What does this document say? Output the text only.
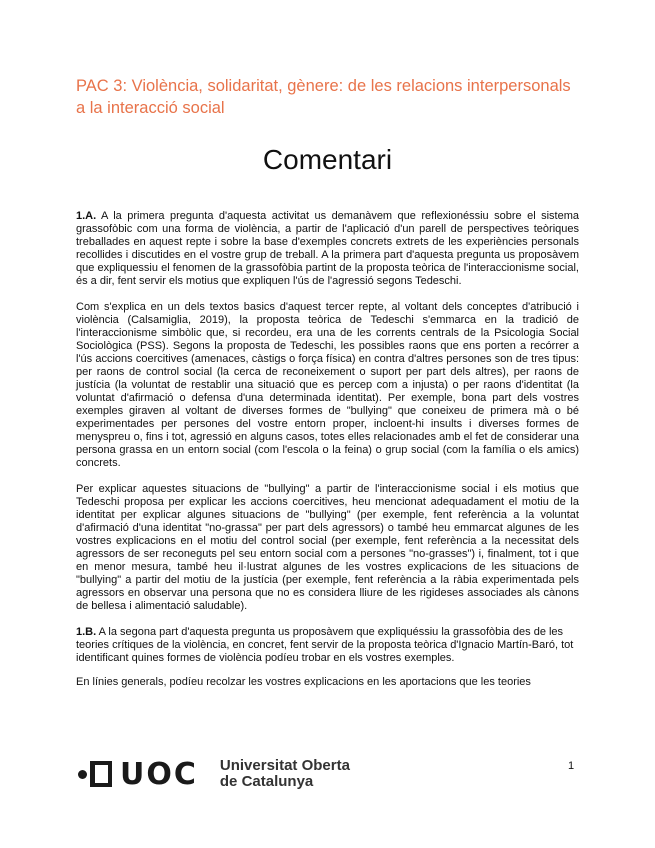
PAC 3: Violència, solidaritat, gènere: de les relacions interpersonals a la interacció social
Comentari

1.A. A la primera pregunta d'aquesta activitat us demanàvem que reflexionéssiu sobre el sistema grassofòbic com una forma de violència, a partir de l'aplicació d'un parell de perspectives teòriques treballades en aquest repte i sobre la base d'exemples concrets extrets de les experiències personals recollides i discutides en el vostre grup de treball. A la primera part d'aquesta pregunta us proposàvem que expliquessiu el fenomen de la grassofòbia partint de la proposta teòrica de l'interaccionisme social, és a dir, fent servir els motius que expliquen l'ús de l'agressió segons Tedeschi.

Com s'explica en un dels textos basics d'aquest tercer repte, al voltant dels conceptes d'atribució i violència (Calsamiglia, 2019), la proposta teòrica de Tedeschi s'emmarca en la tradició de l'interaccionisme simbòlic que, si recordeu, era una de les corrents centrals de la Psicologia Social Sociològica (PSS). Segons la proposta de Tedeschi, les possibles raons que ens porten a recórrer a l'ús accions coercitives (amenaces, càstigs o força física) en contra d'altres persones son de tres tipus: per raons de control social (la cerca de reconeixement o suport per part dels altres), per raons de justícia (la voluntat de restablir una situació que es percep com a injusta) o per raons d'identitat (la voluntat d'afirmació o defensa d'una determinada identitat). Per exemple, bona part dels vostres exemples giraven al voltant de diverses formes de "bullying" que coneixeu de primera mà o bé experimentades per persones del vostre entorn proper, incloent-hi insults i diverses formes de menyspreu o, fins i tot, agressió en alguns casos, totes elles relacionades amb el fet de considerar una persona grassa en un entorn social (com l'escola o la feina) o grup social (com la família o els amics) concrets.

Per explicar aquestes situacions de "bullying" a partir de l'interaccionisme social i els motius que Tedeschi proposa per explicar les accions coercitives, heu mencionat adequadament el motiu de la identitat per explicar algunes situacions de "bullying" (per exemple, fent referència a la voluntat d'afirmació d'una identitat "no-grassa" per part dels agressors) o també heu emmarcat algunes de les vostres explicacions en el motiu del control social (per exemple, fent referència a la necessitat dels agressors de ser reconeguts pel seu entorn social com a persones "no-grasses") i, finalment, tot i que en menor mesura, també heu il·lustrat algunes de les vostres explicacions de les situacions de "bullying" a partir del motiu de la justícia (per exemple, fent referència a la ràbia experimentada pels agressors en observar una persona que no es considera lliure de les rigideses associades als cànons de bellesa i alimentació saludable).

1.B. A la segona part d'aquesta pregunta us proposàvem que expliquéssiu la grassofòbia des de les teories crítiques de la violència, en concret, fent servir de la proposta teòrica d'Ignacio Martín-Baró, tot identificant quines formes de violència podíeu trobar en els vostres exemples.

En línies generals, podíeu recolzar les vostres explicacions en les aportacions que les teories

UOC Universitat Oberta
de Catalunya
1
